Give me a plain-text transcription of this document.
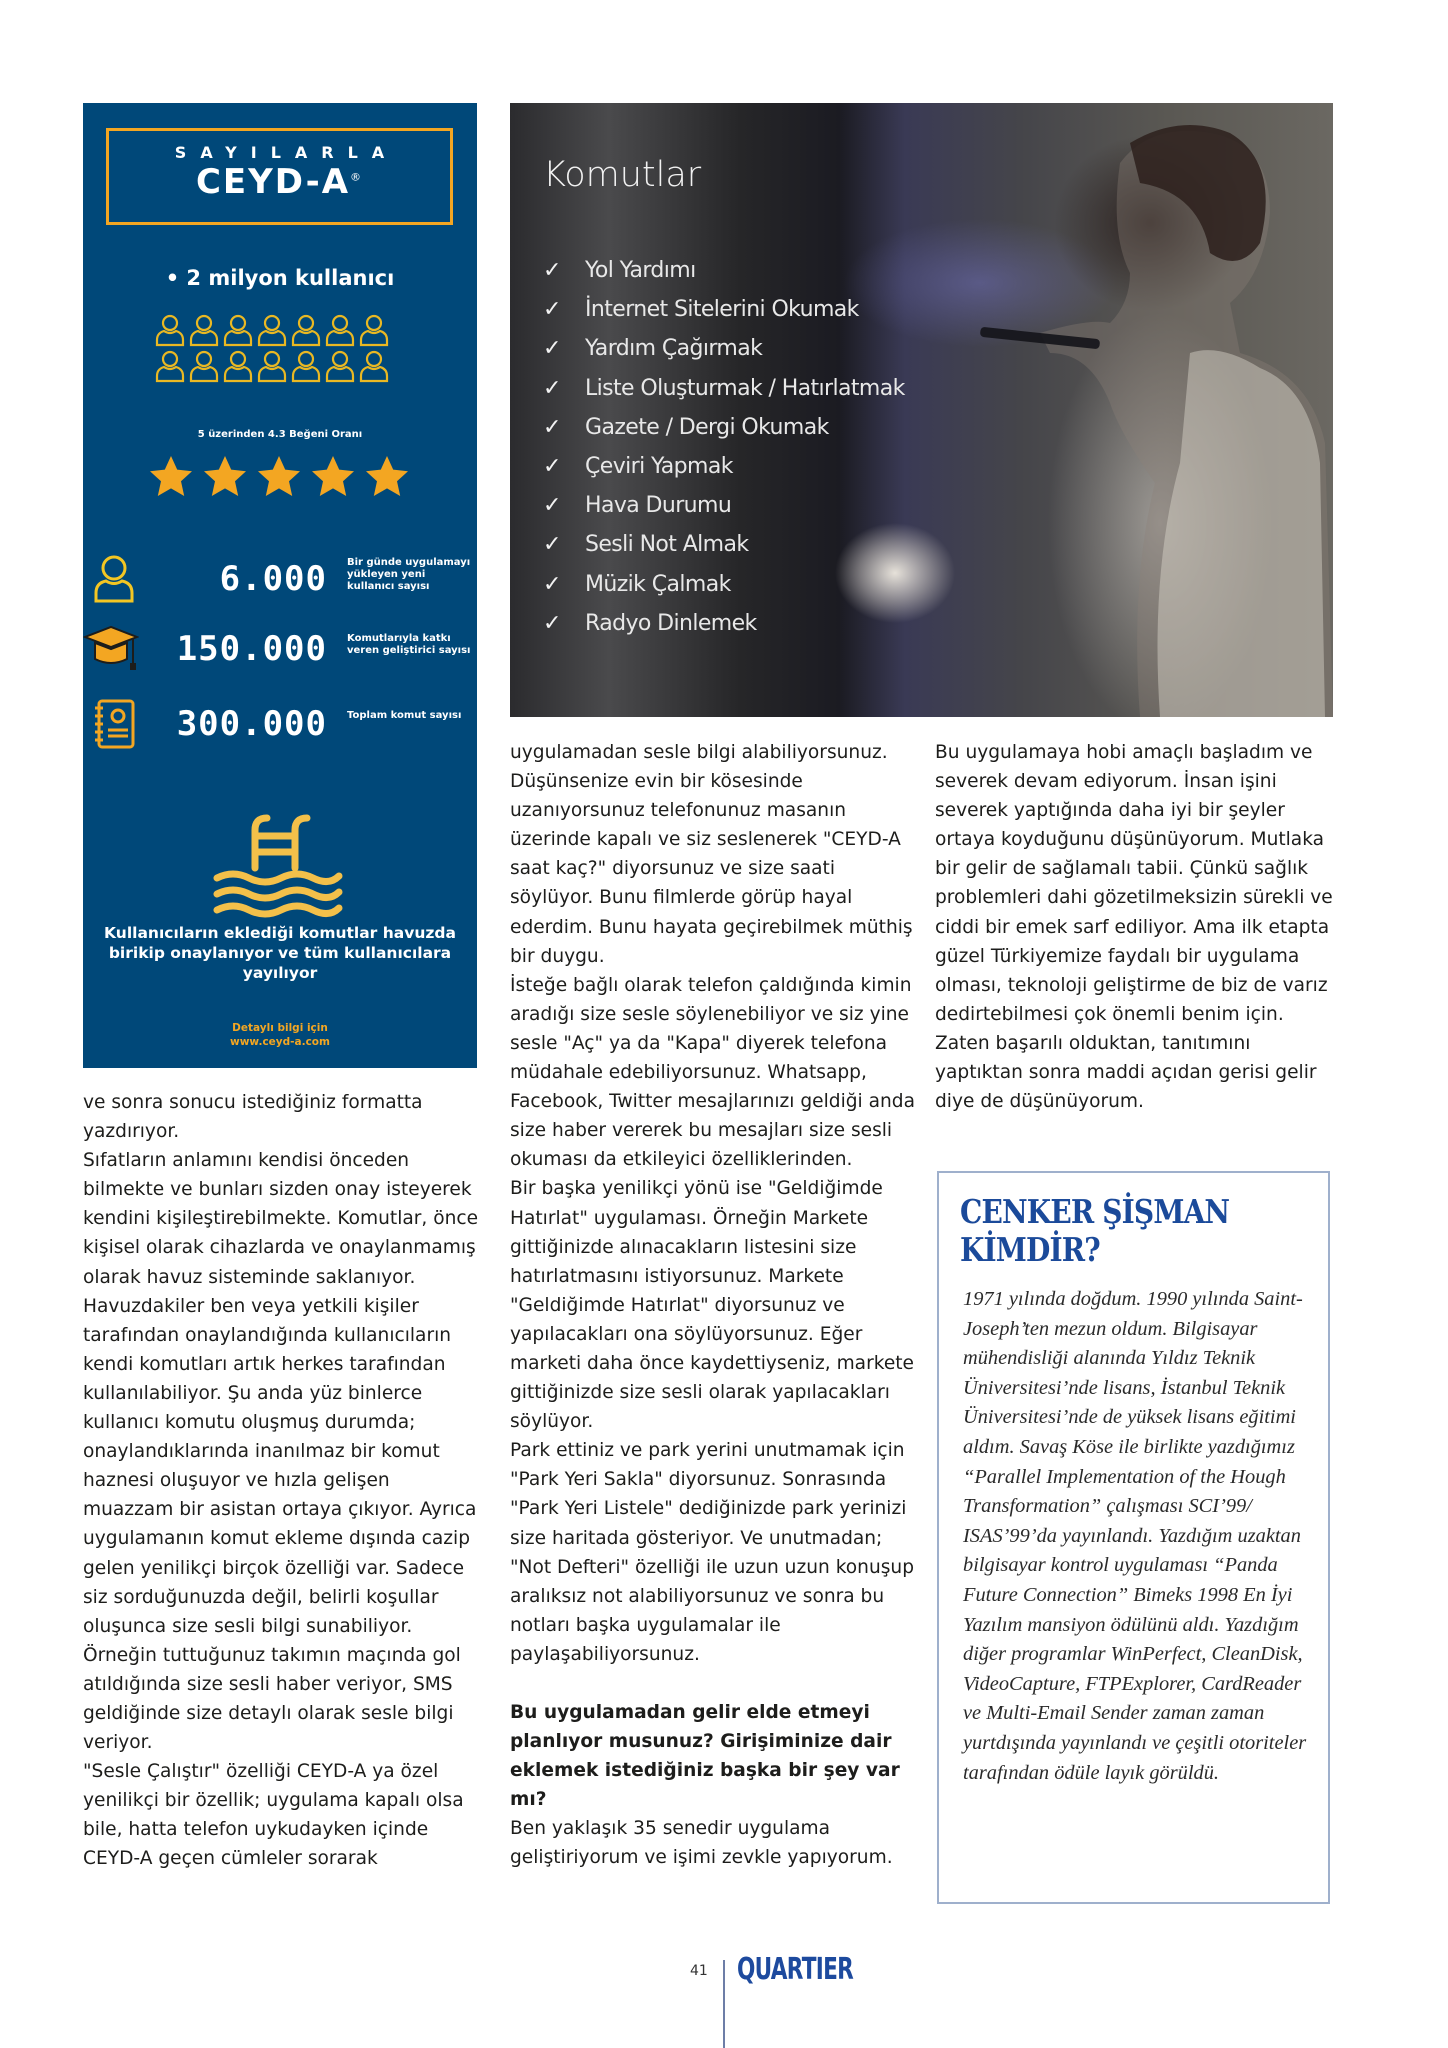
SAYILARLA
CEYD-A®
• 2 milyon kullanıcı
5 üzerinden 4.3 Beğeni Oranı
6.000 Bir günde uygulamayı yükleyen yeni kullanıcı sayısı
150.000 Komutlarıyla katkı veren geliştirici sayısı
300.000 Toplam komut sayısı
Kullanıcıların eklediği komutlar havuzda birikip onaylanıyor ve tüm kullanıcılara yayılıyor
Detaylı bilgi için
www.ceyd-a.com
Komutlar
✓	Yol Yardımı
✓	İnternet Sitelerini Okumak
✓	Yardım Çağırmak
✓	Liste Oluşturmak / Hatırlatmak
✓	Gazete / Dergi Okumak
✓	Çeviri Yapmak
✓	Hava Durumu
✓	Sesli Not Almak
✓	Müzik Çalmak
✓	Radyo Dinlemek

ve sonra sonucu istediğiniz formatta yazdırıyor.

Sıfatların anlamını kendisi önceden bilmekte ve bunları sizden onay isteyerek kendini kişileştirebilmekte. Komutlar, önce kişisel olarak cihazlarda ve onaylanmamış olarak havuz sisteminde saklanıyor. Havuzdakiler ben veya yetkili kişiler tarafından onaylandığında kullanıcıların kendi komutları artık herkes tarafından kullanılabiliyor. Şu anda yüz binlerce kullanıcı komutu oluşmuş durumda; onaylandıklarında inanılmaz bir komut haznesi oluşuyor ve hızla gelişen muazzam bir asistan ortaya çıkıyor. Ayrıca uygulamanın komut ekleme dışında cazip gelen yenilikçi birçok özelliği var. Sadece siz sorduğunuzda değil, belirli koşullar oluşunca size sesli bilgi sunabiliyor. Örneğin tuttuğunuz takımın maçında gol atıldığında size sesli haber veriyor, SMS geldiğinde size detaylı olarak sesle bilgi veriyor.

"Sesle Çalıştır" özelliği CEYD-A ya özel yenilikçi bir özellik; uygulama kapalı olsa bile, hatta telefon uykudayken içinde CEYD-A geçen cümleler sorarak

uygulamadan sesle bilgi alabiliyorsunuz. Düşünsenize evin bir kösesinde uzanıyorsunuz telefonunuz masanın üzerinde kapalı ve siz seslenerek "CEYD-A saat kaç?" diyorsunuz ve size saati söylüyor. Bunu filmlerde görüp hayal ederdim. Bunu hayata geçirebilmek müthiş bir duygu.

İsteğe bağlı olarak telefon çaldığında kimin aradığı size sesle söylenebiliyor ve siz yine sesle "Aç" ya da "Kapa" diyerek telefona müdahale edebiliyorsunuz. Whatsapp, Facebook, Twitter mesajlarınızı geldiği anda size haber vererek bu mesajları size sesli okuması da etkileyici özelliklerinden.

Bir başka yenilikçi yönü ise "Geldiğimde Hatırlat" uygulaması. Örneğin Markete gittiğinizde alınacakların listesini size hatırlatmasını istiyorsunuz. Markete "Geldiğimde Hatırlat" diyorsunuz ve yapılacakları ona söylüyorsunuz. Eğer marketi daha önce kaydettiyseniz, markete gittiğinizde size sesli olarak yapılacakları söylüyor.

Park ettiniz ve park yerini unutmamak için "Park Yeri Sakla" diyorsunuz. Sonrasında "Park Yeri Listele" dediğinizde park yerinizi size haritada gösteriyor. Ve unutmadan; "Not Defteri" özelliği ile uzun uzun konuşup aralıksız not alabiliyorsunuz ve sonra bu notları başka uygulamalar ile paylaşabiliyorsunuz.

Bu uygulamadan gelir elde etmeyi planlıyor musunuz? Girişiminize dair eklemek istediğiniz başka bir şey var mı?

Ben yaklaşık 35 senedir uygulama geliştiriyorum ve işimi zevkle yapıyorum.

Bu uygulamaya hobi amaçlı başladım ve severek devam ediyorum. İnsan işini severek yaptığında daha iyi bir şeyler ortaya koyduğunu düşünüyorum. Mutlaka bir gelir de sağlamalı tabii. Çünkü sağlık problemleri dahi gözetilmeksizin sürekli ve ciddi bir emek sarf ediliyor. Ama ilk etapta güzel Türkiyemize faydalı bir uygulama olması, teknoloji geliştirme de biz de varız dedirtebilmesi çok önemli benim için. Zaten başarılı olduktan, tanıtımını yaptıktan sonra maddi açıdan gerisi gelir diye de düşünüyorum.

CENKER ŞİŞMAN KİMDİR?
1971 yılında doğdum. 1990 yılında Saint-Joseph’ten mezun oldum. Bilgisayar mühendisliği alanında Yıldız Teknik Üniversitesi’nde lisans, İstanbul Teknik Üniversitesi’nde de yüksek lisans eğitimi aldım. Savaş Köse ile birlikte yazdığımız “Parallel Implementation of the Hough Transformation” çalışması SCI’99/ ISAS’99’da yayınlandı. Yazdığım uzaktan bilgisayar kontrol uygulaması “Panda Future Connection” Bimeks 1998 En İyi Yazılım mansiyon ödülünü aldı. Yazdığım diğer programlar WinPerfect, CleanDisk, VideoCapture, FTPExplorer, CardReader ve Multi-Email Sender zaman zaman yurtdışında yayınlandı ve çeşitli otoriteler tarafından ödüle layık görüldü.
41 QUARTIER
